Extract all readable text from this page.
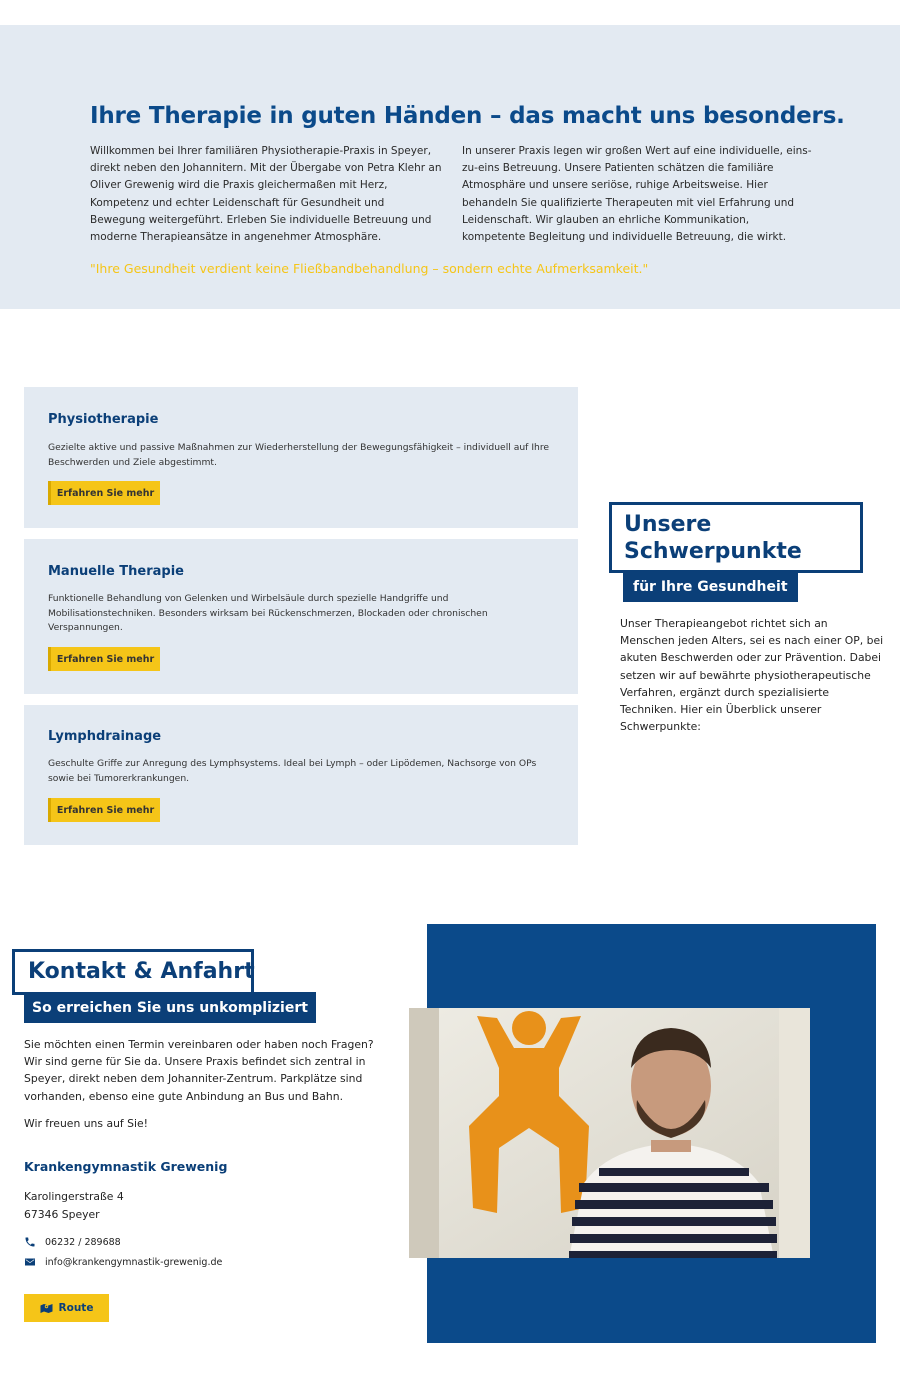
Ihre Therapie in guten Händen – das macht uns besonders.

Willkommen bei Ihrer familiären Physiotherapie-Praxis in Speyer, direkt neben den Johannitern. Mit der Übergabe von Petra Klehr an Oliver Grewenig wird die Praxis gleichermaßen mit Herz, Kompetenz und echter Leidenschaft für Gesundheit und Bewegung weitergeführt. Erleben Sie individuelle Betreuung und moderne Therapieansätze in angenehmer Atmosphäre.

In unserer Praxis legen wir großen Wert auf eine individuelle, eins-zu-eins Betreuung. Unsere Patienten schätzen die familiäre Atmosphäre und unsere seriöse, ruhige Arbeitsweise. Hier behandeln Sie qualifizierte Therapeuten mit viel Erfahrung und Leidenschaft. Wir glauben an ehrliche Kommunikation, kompetente Begleitung und individuelle Betreuung, die wirkt.

"Ihre Gesundheit verdient keine Fließbandbehandlung – sondern echte Aufmerksamkeit."

Physiotherapie

Gezielte aktive und passive Maßnahmen zur Wiederherstellung der Bewegungsfähigkeit – individuell auf Ihre Beschwerden und Ziele abgestimmt.

Erfahren Sie mehr
Manuelle Therapie

Funktionelle Behandlung von Gelenken und Wirbelsäule durch spezielle Handgriffe und Mobilisationstechniken. Besonders wirksam bei Rückenschmerzen, Blockaden oder chronischen Verspannungen.

Erfahren Sie mehr
Lymphdrainage

Geschulte Griffe zur Anregung des Lymphsystems. Ideal bei Lymph – oder Lipödemen, Nachsorge von OPs sowie bei Tumorerkrankungen.

Erfahren Sie mehr
Unsere Schwerpunkte
für Ihre Gesundheit

Unser Therapieangebot richtet sich an Menschen jeden Alters, sei es nach einer OP, bei akuten Beschwerden oder zur Prävention. Dabei setzen wir auf bewährte physiotherapeutische Verfahren, ergänzt durch spezialisierte Techniken. Hier ein Überblick unserer Schwerpunkte:

Kontakt & Anfahrt
So erreichen Sie uns unkompliziert

Sie möchten einen Termin vereinbaren oder haben noch Fragen? Wir sind gerne für Sie da. Unsere Praxis befindet sich zentral in Speyer, direkt neben dem Johanniter-Zentrum. Parkplätze sind vorhanden, ebenso eine gute Anbindung an Bus und Bahn.

Wir freuen uns auf Sie!

Krankengymnastik Grewenig
Karolingerstraße 4
67346 Speyer
06232 / 289688
info@krankengymnastik-grewenig.de
Route
